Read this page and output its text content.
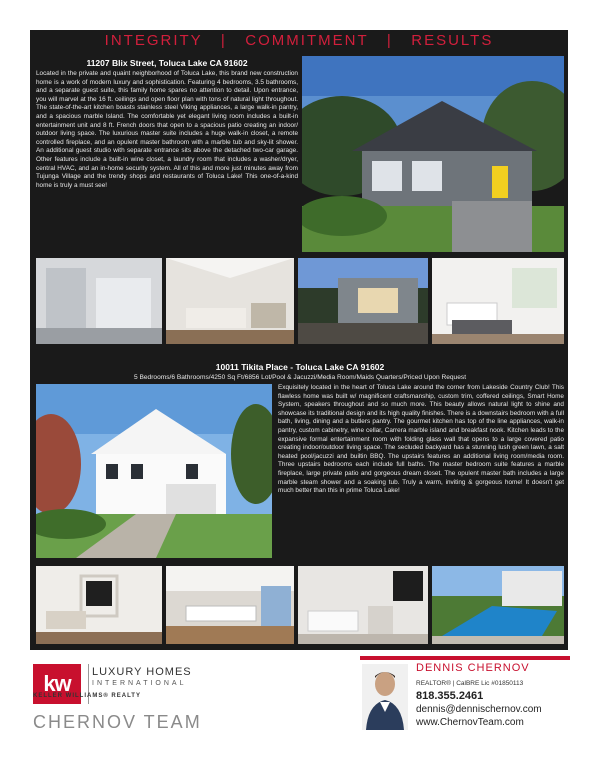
INTEGRITY   |   COMMITMENT   |   RESULTS
11207 Blix Street, Toluca Lake CA 91602
Located in the private and quaint neighborhood of Toluca Lake, this brand new construction home is a work of modern luxury and sophistication. Featuring 4 bedrooms, 3.5 bathrooms, and a separate guest suite, this family home spares no attention to detail. Upon entrance, you will marvel at the 16 ft. ceilings and open floor plan with tons of natural light throughout. The state-of-the-art kitchen boasts stainless steel Viking appliances, a large walk-in pantry, and a spacious marble Island. The comfortable yet elegant living room includes a built-in entertainment unit and 8 ft. French doors that open to a spacious patio creating an indoor/ outdoor living space. The luxurious master suite includes a huge walk-in closet, a remote controlled fireplace, and an opulent master bathroom with a marble tub and sky-lit shower. An additional guest studio with separate entrance sits above the detached two-car garage. Other features include a built-in wine closet, a laundry room that includes a washer/dryer, central HVAC, and an in-home security system. All of this and more just minutes away from Tujunga Village and the trendy shops and restaurants of Toluca Lake! This one-of-a-kind home is truly a must see!
10011 Tikita Place - Toluca Lake CA 91602
5 Bedrooms/6 Bathrooms/4250 Sq Ft/6856 Lot/Pool & Jacuzzi/Media Room/Maids Quarters/Priced Upon Request
Exquisitely located in the heart of Toluca Lake around the corner from Lakeside Country Club! This flawless home was built w/ magnificent craftsmanship, custom trim, coffered ceilings, Smart Home System, speakers throughout and so much more. This beauty allows natural light to shine and showcase its traditional design and its high quality finishes. There is a downstairs bedroom with a full bath, living, dining and a butlers pantry. The gourmet kitchen has top of the line appliances, walk-in pantry, custom cabinetry, wine cellar, Carrera marble island and breakfast nook. Kitchen leads to the expansive formal entertainment room with folding glass wall that opens to a large covered patio creating indoor/outdoor living space. The secluded backyard has a stunning lush green lawn, a salt heated pool/jacuzzi and builtin BBQ. The upstairs features an additional living room/media room. Three upstairs bedrooms each include full baths. The master bedroom suite features a marble fireplace, large private patio and gorgeous dream closet. The opulent master bath includes a large marble steam shower and a soaking tub. Truly a warm, inviting & gorgeous home! It doesn't get much better than this in prime Toluca Lake!
kw LUXURY HOMES
INTERNATIONAL
KELLER WILLIAMS® REALTY
CHERNOV TEAM
DENNIS CHERNOV
REALTOR® | CalBRE Lic #01850113
818.355.2461
dennis@dennischernov.com
www.ChernovTeam.com
